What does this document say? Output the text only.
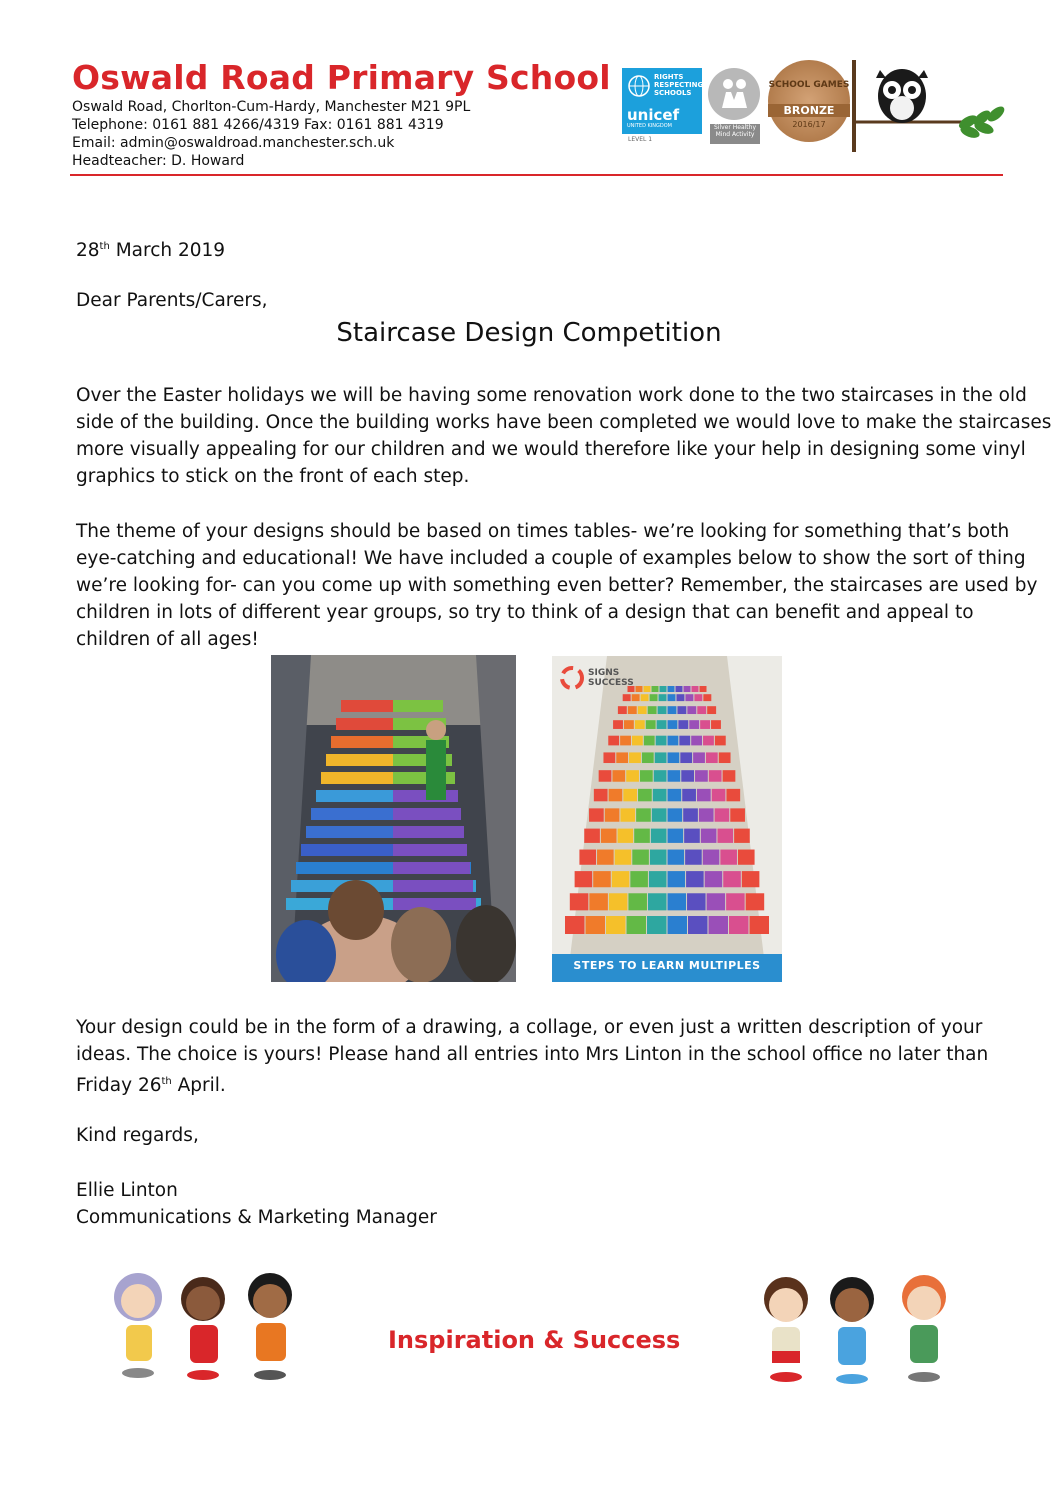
Oswald Road Primary School
Oswald Road, Chorlton-Cum-Hardy, Manchester M21 9PL
Telephone: 0161 881 4266/4319 Fax: 0161 881 4319
Email: admin@oswaldroad.manchester.sch.uk
Headteacher: D. Howard
RIGHTS RESPECTING SCHOOLS
unicef
UNITED KINGDOM
LEVEL 1
Silver Healthy Mind Activity
SCHOOL GAMES
BRONZE
2016/17
28th March 2019
Dear Parents/Carers,
Staircase Design Competition
Over the Easter holidays we will be having some renovation work done to the two staircases in the old
side of the building. Once the building works have been completed we would love to make the staircases
more visually appealing for our children and we would therefore like your help in designing some vinyl
graphics to stick on the front of each step.
The theme of your designs should be based on times tables- we’re looking for something that’s both
eye-catching and educational! We have included a couple of examples below to show the sort of thing
we’re looking for- can you come up with something even better? Remember, the staircases are used by
children in lots of different year groups, so try to think of a design that can benefit and appeal to
children of all ages!
SIGNS SUCCESS
STEPS TO LEARN MULTIPLES
Your design could be in the form of a drawing, a collage, or even just a written description of your
ideas. The choice is yours! Please hand all entries into Mrs Linton in the school office no later than
Friday 26th April.
Kind regards,
Ellie Linton
Communications & Marketing Manager
Inspiration & Success
